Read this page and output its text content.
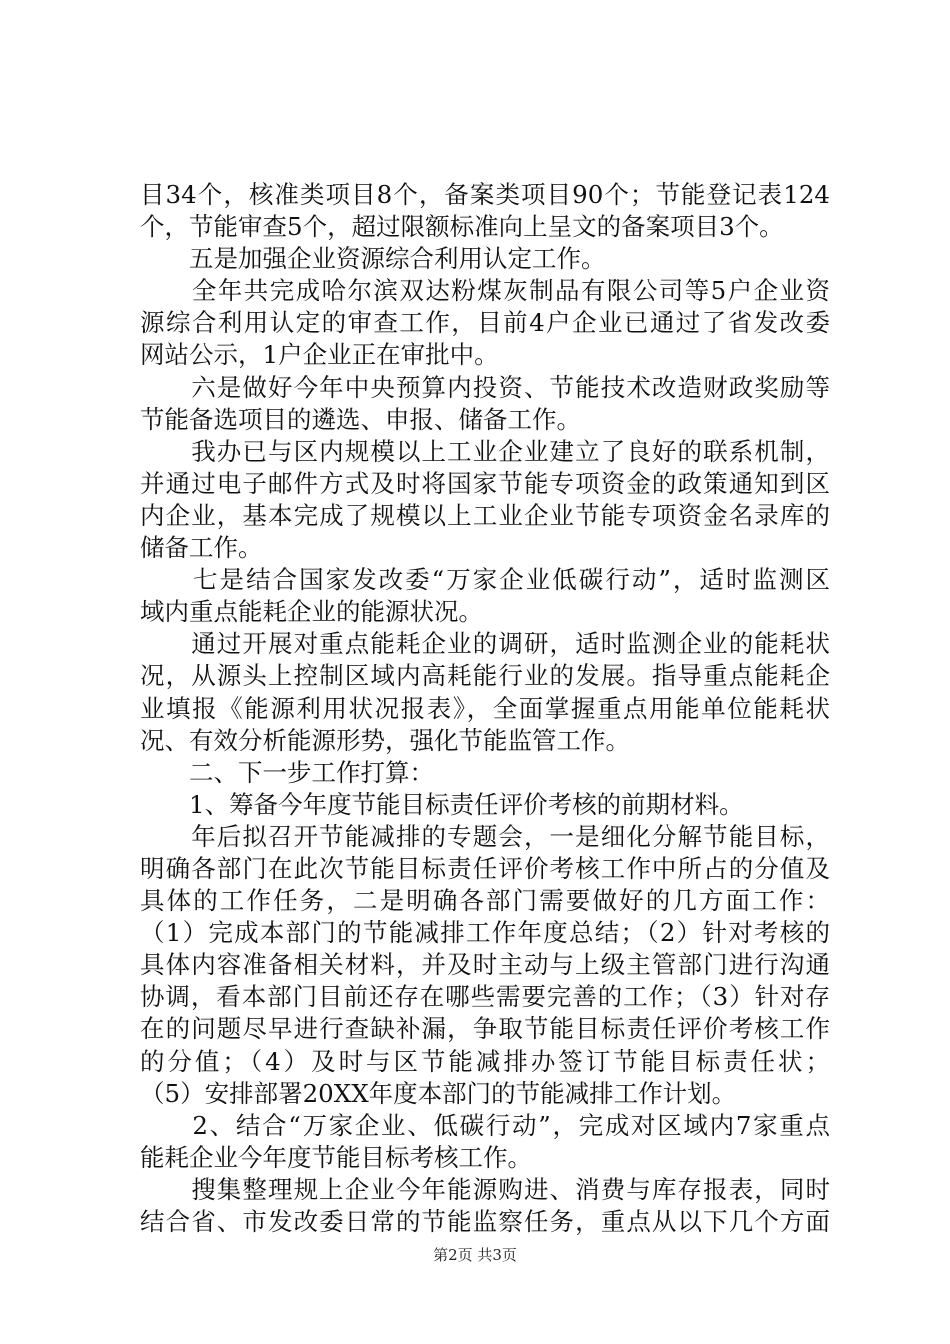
目34个，核准类项目8个，备案类项目90个；节能登记表124
个，节能审查5个，超过限额标准向上呈文的备案项目3个。
　　五是加强企业资源综合利用认定工作。
　　全年共完成哈尔滨双达粉煤灰制品有限公司等5户企业资
源综合利用认定的审查工作，目前4户企业已通过了省发改委
网站公示，1户企业正在审批中。
　　六是做好今年中央预算内投资、节能技术改造财政奖励等
节能备选项目的遴选、申报、储备工作。
　　我办已与区内规模以上工业企业建立了良好的联系机制，
并通过电子邮件方式及时将国家节能专项资金的政策通知到区
内企业，基本完成了规模以上工业企业节能专项资金名录库的
储备工作。
　　七是结合国家发改委“万家企业低碳行动”，适时监测区
域内重点能耗企业的能源状况。
　　通过开展对重点能耗企业的调研，适时监测企业的能耗状
况，从源头上控制区域内高耗能行业的发展。指导重点能耗企
业填报《能源利用状况报表》，全面掌握重点用能单位能耗状
况、有效分析能源形势，强化节能监管工作。
　　二、下一步工作打算：
　　1、筹备今年度节能目标责任评价考核的前期材料。
　　年后拟召开节能减排的专题会，一是细化分解节能目标，
明确各部门在此次节能目标责任评价考核工作中所占的分值及
具体的工作任务，二是明确各部门需要做好的几方面工作：
（1）完成本部门的节能减排工作年度总结；（2）针对考核的
具体内容准备相关材料，并及时主动与上级主管部门进行沟通
协调，看本部门目前还存在哪些需要完善的工作；（3）针对存
在的问题尽早进行查缺补漏，争取节能目标责任评价考核工作
的分值；（4）及时与区节能减排办签订节能目标责任状；
（5）安排部署20XX年度本部门的节能减排工作计划。
　　2、结合“万家企业、低碳行动”，完成对区域内7家重点
能耗企业今年度节能目标考核工作。
　　搜集整理规上企业今年能源购进、消费与库存报表，同时
结合省、市发改委日常的节能监察任务，重点从以下几个方面
第2页 共3页
